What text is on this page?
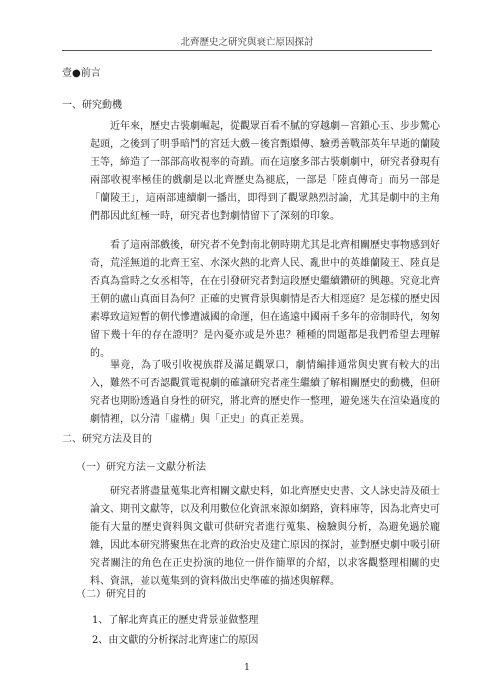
北齊歷史之研究與衰亡原因探討
壹●前言
一、研究動機

近年來，歷史古裝劇崛起，從觀眾百看不膩的穿越劇－宮鎖心玉、步步驚心起頭，之後到了明爭暗鬥的宮廷大戲－後宮甄嬛傳、驗勇善戰部英年早逝的蘭陵王等，締造了一部部高收視率的奇蹟。而在這麼多部古裝劇劇中，研究者發現有兩部收視率極佳的戲劇是以北齊歷史為褪底，一部是「陸貞傳奇」而另一部是「蘭陵王」，這兩部連續劇一播出，即得到了觀眾熱烈討論，尤其是劇中的主角們都因此紅極一時，研究者也對劇情留下了深刻的印象。

看了這兩部戲後，研究者不免對南北朝時期尤其是北齊相關歷史事物感到好奇，荒淫無道的北齊王室、水深火熱的北齊人民、亂世中的英雄蘭陵王、陸貞是否真為當時之女丞相等，在在引發研究者對這段歷史繼續鑽研的興趣。究竟北齊王朝的盧山真面目為何？正確的史實背景與劇情是否大相逕庭？是怎樣的歷史因素導致這短暫的朝代慘遭滅國的命運，但在遙遠中國兩千多年的帝制時代，匆匆留下幾十年的存在證明？是內憂亦或是外患？種種的問題都是我們希望去理解的。

畢竟，為了吸引收視族群及滿足觀眾口，劇情編排通常與史實有較大的出入，難然不可否認觀賞電視劇的確讓研究者產生繼續了解相關歷史的動機，但研究者也期盼透過自身性的研究，將北齊的歷史作一整理，避免迷失在渲染過度的劇情裡，以分清「虛構」與「正史」的真正差異。

二、研究方法及目的
（一）研究方法－文獻分析法

研究者將盡量蒐集北齊相關文獻史料，如北齊歷史史書、文人詠史詩及碩士論文、期刊文獻等，以及利用數位化資訊來源如網路，資料庫等，因為北齊史可能有大量的歷史資料與文獻可供研究者進行蒐集、檢驗與分析，為避免過於龐雜，因此本研究將聚焦在北齊的政治史及建亡原因的探討，並對歷史劇中吸引研究者關注的角色在正史扮演的地位一併作簡單的介紹，以求客觀整理相關的史料、資訊，並以蒐集到的資料做出史準確的描述與解釋。

（二）研究目的
1、了解北齊真正的歷史背景並做整理
2、由文獻的分析探討北齊速亡的原因
1
